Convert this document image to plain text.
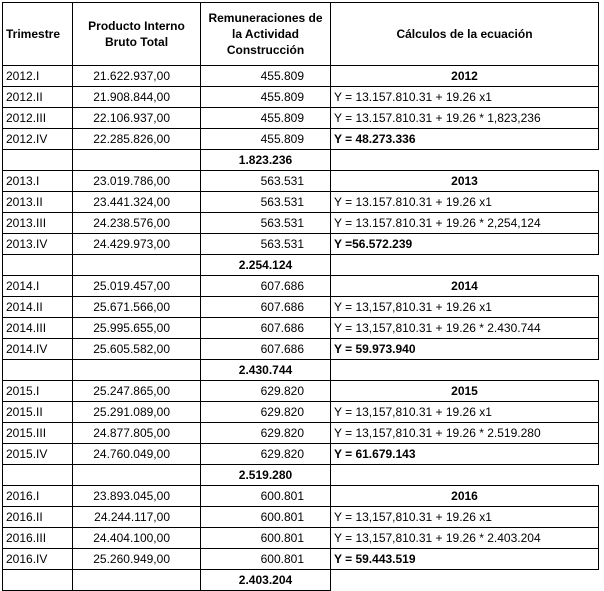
Trimestre	Producto Interno Bruto Total	Remuneraciones de la Actividad Construcción	Cálculos de la ecuación
2012.I	21.622.937,00	455.809	2012
2012.II	21.908.844,00	455.809	Y = 13.157.810.31 + 19.26 x1
2012.III	22.106.937,00	455.809	Y = 13.157.810.31 + 19.26 * 1,823,236
2012.IV	22.285.826,00	455.809	Y = 48.273.336
		1.823.236	
2013.I	23.019.786,00	563.531	2013
2013.II	23.441.324,00	563.531	Y = 13.157.810.31 + 19.26 x1
2013.III	24.238.576,00	563.531	Y = 13.157.810.31 + 19.26 * 2,254,124
2013.IV	24.429.973,00	563.531	Y =56.572.239
		2.254.124	
2014.I	25.019.457,00	607.686	2014
2014.II	25.671.566,00	607.686	Y = 13,157,810.31 + 19.26 x1
2014.III	25.995.655,00	607.686	Y = 13,157,810.31 + 19.26 * 2.430.744
2014.IV	25.605.582,00	607.686	Y = 59.973.940
		2.430.744	
2015.I	25.247.865,00	629.820	2015
2015.II	25.291.089,00	629.820	Y = 13,157,810.31 + 19.26 x1
2015.III	24.877.805,00	629.820	Y = 13,157,810.31 + 19.26 * 2.519.280
2015.IV	24.760.049,00	629.820	Y = 61.679.143
		2.519.280	
2016.I	23.893.045,00	600.801	2016
2016.II	24.244.117,00	600.801	Y = 13,157,810.31 + 19.26 x1
2016.III	24.404.100,00	600.801	Y = 13,157,810.31 + 19.26 * 2.403.204
2016.IV	25.260.949,00	600.801	Y = 59.443.519
		2.403.204	
